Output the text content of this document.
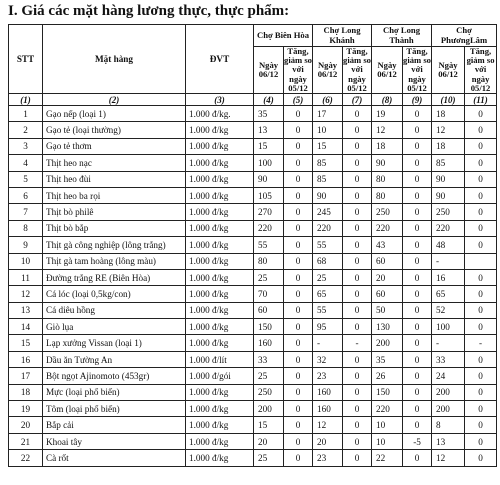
I. Giá các mặt hàng lương thực, thực phẩm:
STT	Mặt hàng	ĐVT	Chợ Biên Hòa		Chợ Long Khánh		Chợ Long Thành		Chợ PhươngLâm	
			Ngày 06/12	Tăng, giảm so với ngày 05/12	Ngày 06/12	Tăng, giảm so với ngày 05/12	Ngày 06/12	Tăng, giảm so với ngày 05/12	Ngày 06/12	Tăng, giảm so với ngày 05/12
(1)	(2)	(3)	(4)	(5)	(6)	(7)	(8)	(9)	(10)	(11)
1	Gạo nếp (loại 1)	1.000 đ/kg.	35	0	17	0	19	0	18	0
2	Gạo tẻ (loại thường)	1.000 đ/kg	13	0	10	0	12	0	12	0
3	Gạo tẻ thơm	1.000 đ/kg	15	0	15	0	18	0	18	0
4	Thịt heo nạc	1.000 đ/kg	100	0	85	0	90	0	85	0
5	Thịt heo đùi	1.000 đ/kg	90	0	85	0	80	0	90	0
6	Thịt heo ba rọi	1.000 đ/kg	105	0	90	0	80	0	90	0
7	Thịt bò philê	1.000 đ/kg	270	0	245	0	250	0	250	0
8	Thịt bò bắp	1.000 đ/kg	220	0	220	0	220	0	220	0
9	Thịt gà công nghiệp (lông trắng)	1.000 đ/kg	55	0	55	0	43	0	48	0
10	Thịt gà tam hoàng (lông màu)	1.000 đ/kg	80	0	68	0	60	0	-	
11	Đường trắng RE (Biên Hòa)	1.000 đ/kg	25	0	25	0	20	0	16	0
12	Cá lóc (loại 0,5kg/con)	1.000 đ/kg	70	0	65	0	60	0	65	0
13	Cá diêu hồng	1.000 đ/kg	60	0	55	0	50	0	52	0
14	Giò lụa	1.000 đ/kg	150	0	95	0	130	0	100	0
15	Lạp xưởng Vissan (loại 1)	1.000 đ/kg	160	0	-	-	200	0	-	-
16	Dầu ăn Tường An	1.000 đ/lít	33	0	32	0	35	0	33	0
17	Bột ngọt Ajinomoto (453gr)	1.000 đ/gói	25	0	23	0	26	0	24	0
18	Mực (loại phổ biến)	1.000 đ/kg	250	0	160	0	150	0	200	0
19	Tôm (loại phổ biến)	1.000 đ/kg	200	0	160	0	220	0	200	0
20	Bắp cải	1.000 đ/kg	15	0	12	0	10	0	8	0
21	Khoai tây	1.000 đ/kg	20	0	20	0	10	-5	13	0
22	Cà rốt	1.000 đ/kg	25	0	23	0	22	0	12	0
